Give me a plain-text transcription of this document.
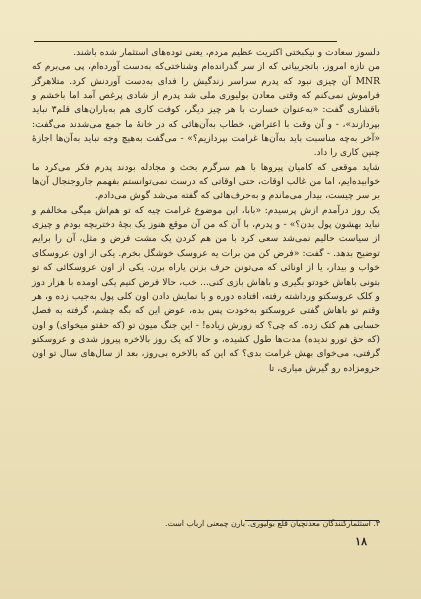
دلسوز سعادت و نیکبختی اکثریت عظیم مردم، یعنی توده‌های استثمار شده باشند.

من تازه امروز، باتجربیاتی که از سر گذرانده‌ام وشناختی‌که به‌دست آورده‌ام، پی می‌برم که MNR آن چیزی نبود که پدرم سراسر زندگیش را فدای به‌دست آوردنش کرد. متلاهرگز فراموش نمی‌کنم که وقتی معادن بولیوری ملی شد پدرم از شادی پرغص آمد اما باخشم و باقشاری گفت: «به‌عنوان خسارت با هر چیز دیگر، کوفت کاری هم به‌باران‌های قلم۳ نباید بپردازند»، - و آن وقت با اعتراض، خطاب به‌آن‌هائی که در خانهٔ ما جمع می‌شدند می‌گفت: «آخر به‌چه مناسبت باید به‌آن‌ها غرامت بپردازیم؟» - می‌گفت به‌هیچ وجه نباید به‌آن‌ها اجازهٔ چنین کاری را داد.

شاید موقعی که کامیان پیروها با هم سرگرم بحث و مجادله بودند پدرم فکر می‌کرد ما خوابیده‌ایم، اما من غالب اوقات، حتی اوقاتی که درست نمی‌توانستم بفهمم جاروجنجال آن‌ها بر سر چیست، بیدار می‌ماندم و به‌حرف‌هائی که گفته می‌شد گوش می‌دادم.

یک روز درآمدم ازش پرسیدم: «بابا، این موضوع غرامت چیه که تو هم‌اش میگی مخالفم و نباید بهشون پول بدن؟» - و پدرم، با آن که من آن موقع هنوز یک بچهٔ دختربچه بودم و چیزی از سیاست حالیم نمی‌شد سعی کرد با من هم کردن یک مشت فرض و مثل، آن را برایم توضیح بدهد. - گفت: «فرض کن من برات یه عروسک خوشگل بخرم. یکی از اون عروسکای خواب و بیدار، یا از اونائی که می‌تونن حرف بزنن یاراه برن. یکی از اون عروسکائی که تو بتونی باهاش خودتو بگیری و باهاش بازی کنی... خب، حالا فرض کنیم یکی اومده با هزار دوز و کلک عروسکتو ورداشته رفته، افتاده دوره و با نمایش دادن اون کلی پول به‌جیب زده و، هر وقتم تو باهاش گفتی عروسکتو به‌خودت پس بده، عوض این که بگه چشم، گرفته به فصل حسابی هم کتک زده. که چی؟ که زورش زیاده! - این جنگ میون تو (که حقتو میخوای) و اون (که حق تورو ندیده) مدت‌ها طول کشیده، و حالا که یک روز بالاخره پیروز شدی و عروسکتو گرفتی، می‌خوای بهش غرامت بدی؟ که این که بالاخره بی‌روز، بعد از سال‌های سال تو اون حرومزاده رو گیرش میاری، تا

۳. استثمارکنندگان معدنچیان قلع بولیوری. بارن چمعنی ارباب است.
۱۸
